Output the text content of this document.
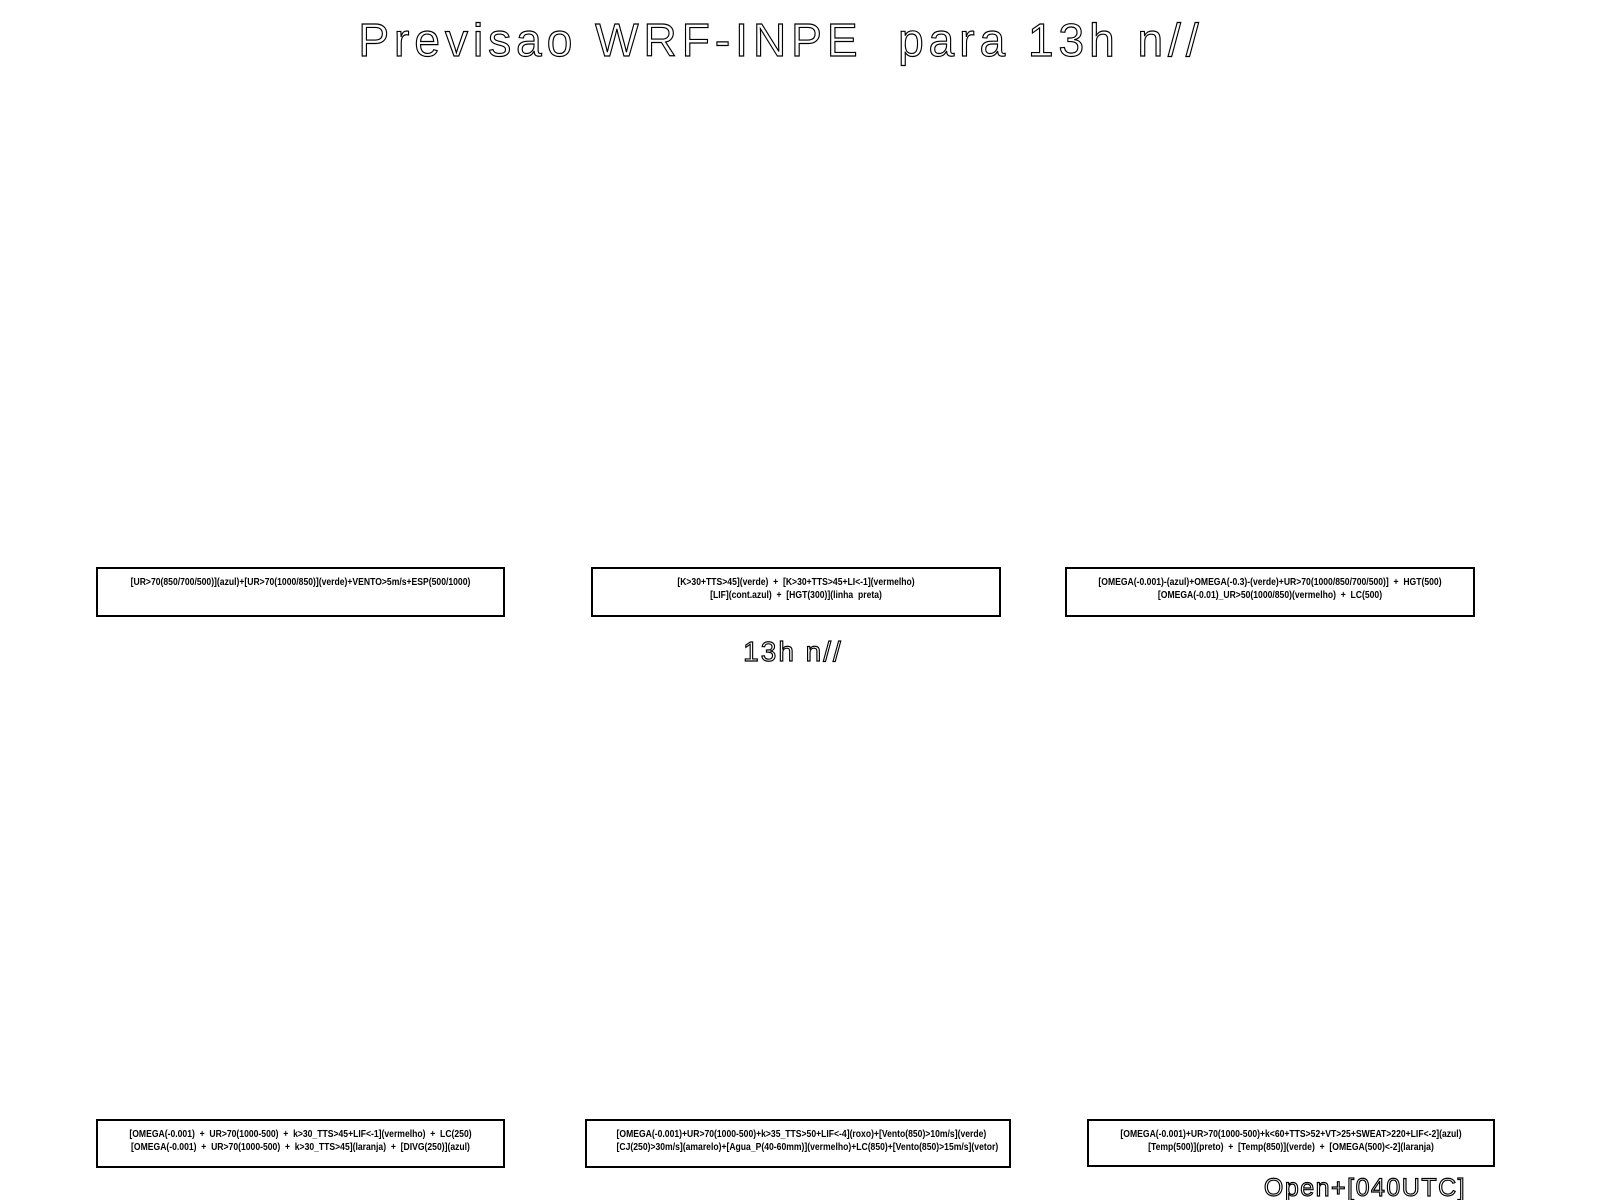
Previsao WRF-INPE  para 13h n//
[UR>70(850/700/500)](azul)+[UR>70(1000/850)](verde)+VENTO>5m/s+ESP(500/1000)	[K>30+TTS>45](verde)  +  [K>30+TTS>45+LI<-1](vermelho)
[LIF](cont.azul)  +  [HGT(300)](linha  preta)
[OMEGA(-0.001)-(azul)+OMEGA(-0.3)-(verde)+UR>70(1000/850/700/500)]  +  HGT(500)
[OMEGA(-0.01)_UR>50(1000/850)(vermelho)  +  LC(500)
13h n//
[OMEGA(-0.001)  +  UR>70(1000-500)  +  k>30_TTS>45+LIF<-1](vermelho)  +  LC(250)
[OMEGA(-0.001)  +  UR>70(1000-500)  +  k>30_TTS>45](laranja)  +  [DIVG(250)](azul)
[OMEGA(-0.001)+UR>70(1000-500)+k>35_TTS>50+LIF<-4](roxo)+[Vento(850)>10m/s](verde)
[CJ(250)>30m/s](amarelo)+[Agua_P(40-60mm)](vermelho)+LC(850)+[Vento(850)>15m/s](vetor)
[OMEGA(-0.001)+UR>70(1000-500)+k<60+TTS>52+VT>25+SWEAT>220+LIF<-2](azul)
[Temp(500)](preto)  +  [Temp(850)](verde)  +  [OMEGA(500)<-2](laranja)
Open+[040UTC]
